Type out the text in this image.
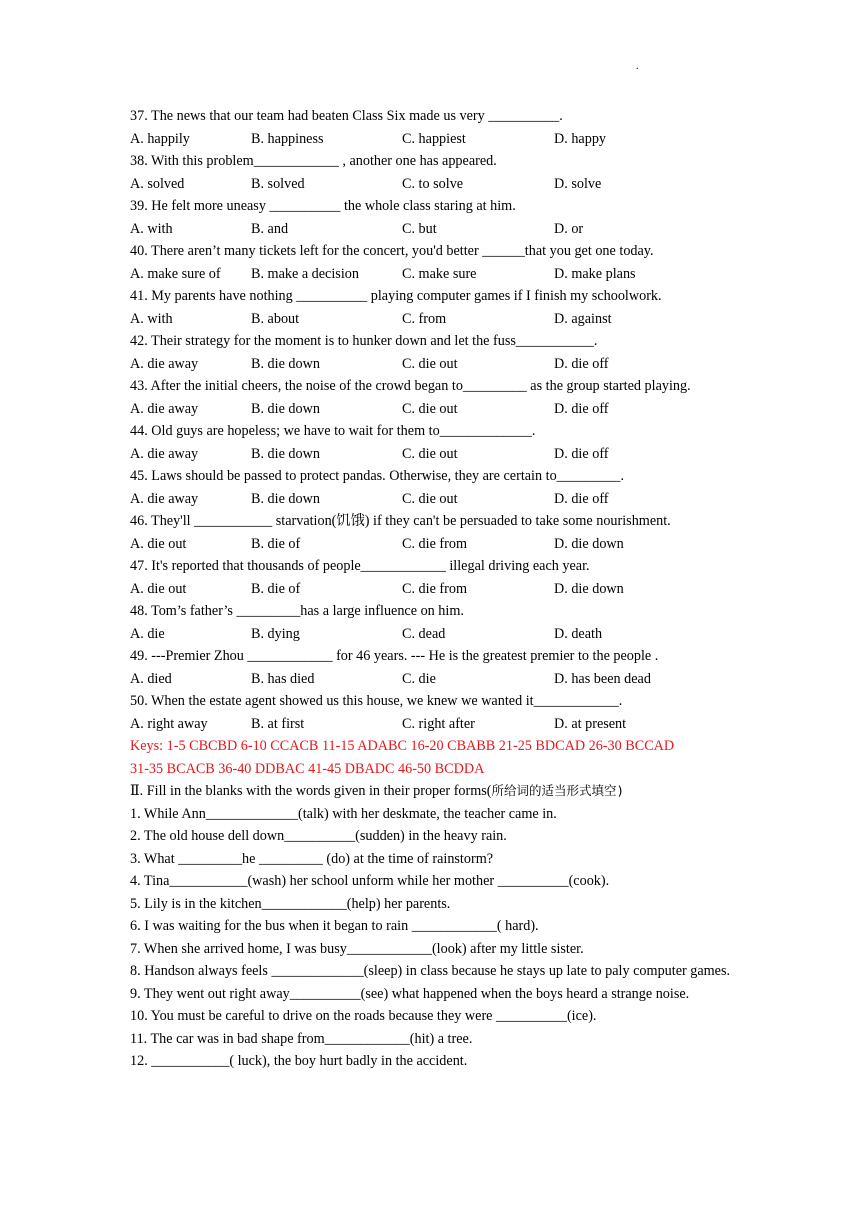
.
37. The news that our team had beaten Class Six made us very __________.
A. happily	B. happiness	C. happiest	D. happy
38. With this problem____________ , another one has appeared.
A. solved	B. solved	C. to solve	D. solve
39. He felt more uneasy __________ the whole class staring at him.
A. with	B. and	C. but	D. or
40. There aren’t many tickets left for the concert, you'd better ______that you get one today.
A. make sure of	B. make a decision	C. make sure	D. make plans
41. My parents have nothing __________ playing computer games if I finish my schoolwork.
A. with	B. about	C. from	D. against
42. Their strategy for the moment is to hunker down and let the fuss___________.
A. die away	B. die down	C. die out	D. die off
43. After the initial cheers, the noise of the crowd began to_________ as the group started playing.
A. die away	B. die down	C. die out	D. die off
44. Old guys are hopeless; we have to wait for them to_____________.
A. die away	B. die down	C. die out	D. die off
45. Laws should be passed to protect pandas. Otherwise, they are certain to_________.
A. die away	B. die down	C. die out	D. die off
46. They'll ___________ starvation(饥饿) if they can't be persuaded to take some nourishment.
A. die out	B. die of	C. die from	D. die down
47. It's reported that thousands of people____________ illegal driving each year.
A. die out	B. die of	C. die from	D. die down
48. Tom’s father’s _________has a large influence on him.
A. die	B. dying	C. dead	D. death
49. ---Premier Zhou ____________ for 46 years. --- He is the greatest premier to the people .
A. died	B. has died	C. die	D. has been dead
50. When the estate agent showed us this house, we knew we wanted it____________.
A. right away	B. at first	C. right after	D. at present
Keys: 1-5 CBCBD 6-10 CCACB 11-15 ADABC 16-20 CBABB 21-25 BDCAD 26-30 BCCAD
31-35 BCACB 36-40 DDBAC 41-45 DBADC 46-50 BCDDA
Ⅱ. Fill in the blanks with the words given in their proper forms(所给词的适当形式填空)
1. While Ann_____________(talk) with her deskmate, the teacher came in.
2. The old house dell down__________(sudden) in the heavy rain.
3. What _________he _________ (do) at the time of rainstorm?
4. Tina___________(wash) her school unform while her mother __________(cook).
5. Lily is in the kitchen____________(help) her parents.
6. I was waiting for the bus when it began to rain ____________( hard).
7. When she arrived home, I was busy____________(look) after my little sister.
8. Handson always feels _____________(sleep) in class because he stays up late to paly computer games.
9. They went out right away__________(see) what happened when the boys heard a strange noise.
10. You must be careful to drive on the roads because they were __________(ice).
11. The car was in bad shape from____________(hit) a tree.
12. ___________( luck), the boy hurt badly in the accident.
